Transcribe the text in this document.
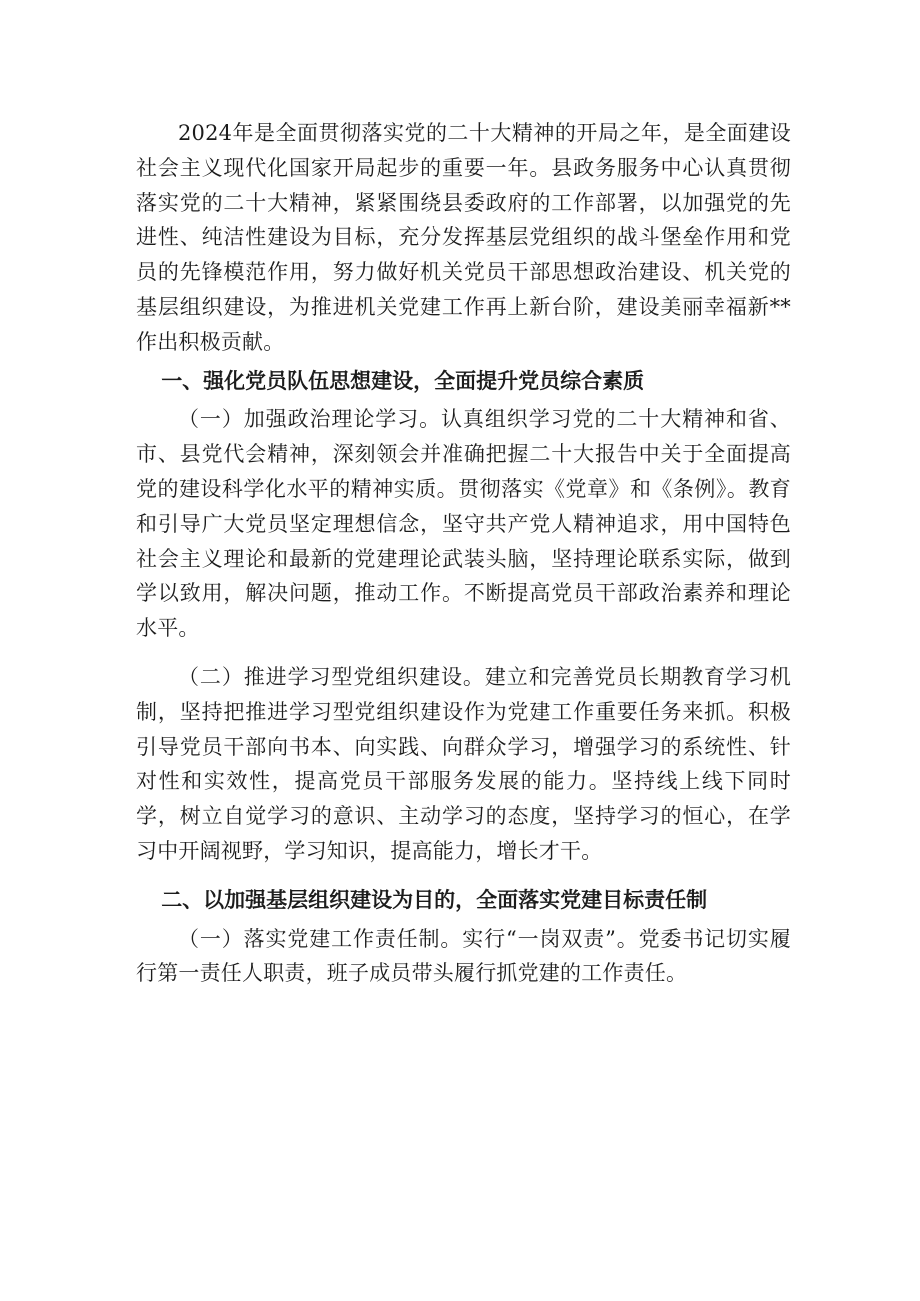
2024年是全面贯彻落实党的二十大精神的开局之年，是全面建设社会主义现代化国家开局起步的重要一年。县政务服务中心认真贯彻落实党的二十大精神，紧紧围绕县委政府的工作部署，以加强党的先进性、纯洁性建设为目标，充分发挥基层党组织的战斗堡垒作用和党员的先锋模范作用，努力做好机关党员干部思想政治建设、机关党的基层组织建设，为推进机关党建工作再上新台阶，建设美丽幸福新**作出积极贡献。

一、强化党员队伍思想建设，全面提升党员综合素质

（一）加强政治理论学习。认真组织学习党的二十大精神和省、市、县党代会精神，深刻领会并准确把握二十大报告中关于全面提高党的建设科学化水平的精神实质。贯彻落实《党章》和《条例》。教育和引导广大党员坚定理想信念，坚守共产党人精神追求，用中国特色社会主义理论和最新的党建理论武装头脑，坚持理论联系实际，做到学以致用，解决问题，推动工作。不断提高党员干部政治素养和理论水平。

（二）推进学习型党组织建设。建立和完善党员长期教育学习机制，坚持把推进学习型党组织建设作为党建工作重要任务来抓。积极引导党员干部向书本、向实践、向群众学习，增强学习的系统性、针对性和实效性，提高党员干部服务发展的能力。坚持线上线下同时学，树立自觉学习的意识、主动学习的态度，坚持学习的恒心，在学习中开阔视野，学习知识，提高能力，增长才干。

二、以加强基层组织建设为目的，全面落实党建目标责任制

（一）落实党建工作责任制。实行“一岗双责”。党委书记切实履行第一责任人职责，班子成员带头履行抓党建的工作责任。
